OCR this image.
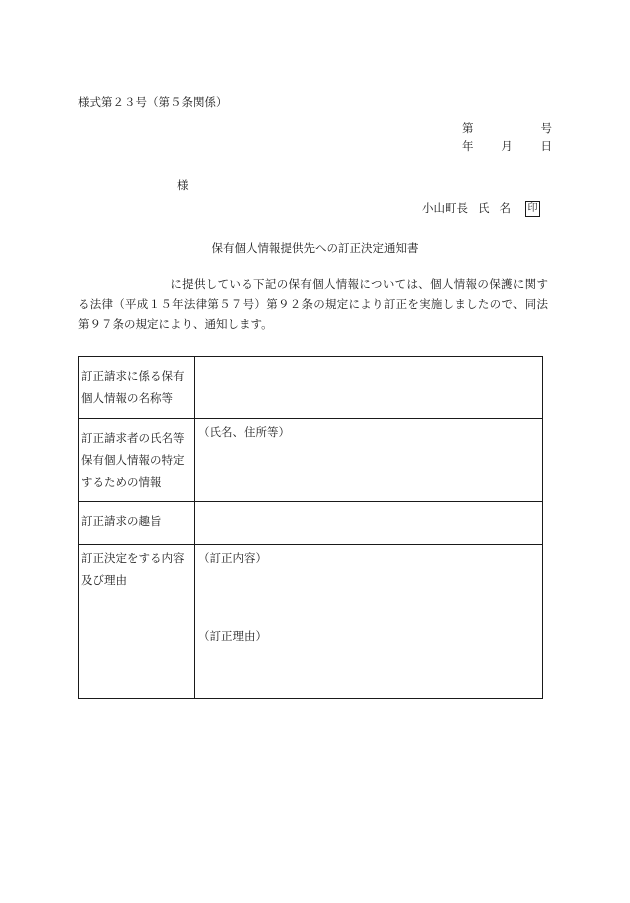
様式第２３号（第５条関係）
第	号
年 月 日
様
小山町長 氏 名 印
保有個人情報提供先への訂正決定通知書
に提供している下記の保有個人情報については、個人情報の保護に関する法律（平成１５年法律第５７号）第９２条の規定により訂正を実施しましたので、同法第９７条の規定により、通知します。
訂正請求に係る保有個人情報の名称等	
訂正請求者の氏名等保有個人情報の特定するための情報	（氏名、住所等）
訂正請求の趣旨	
訂正決定をする内容及び理由	（訂正内容）
（訂正理由）
